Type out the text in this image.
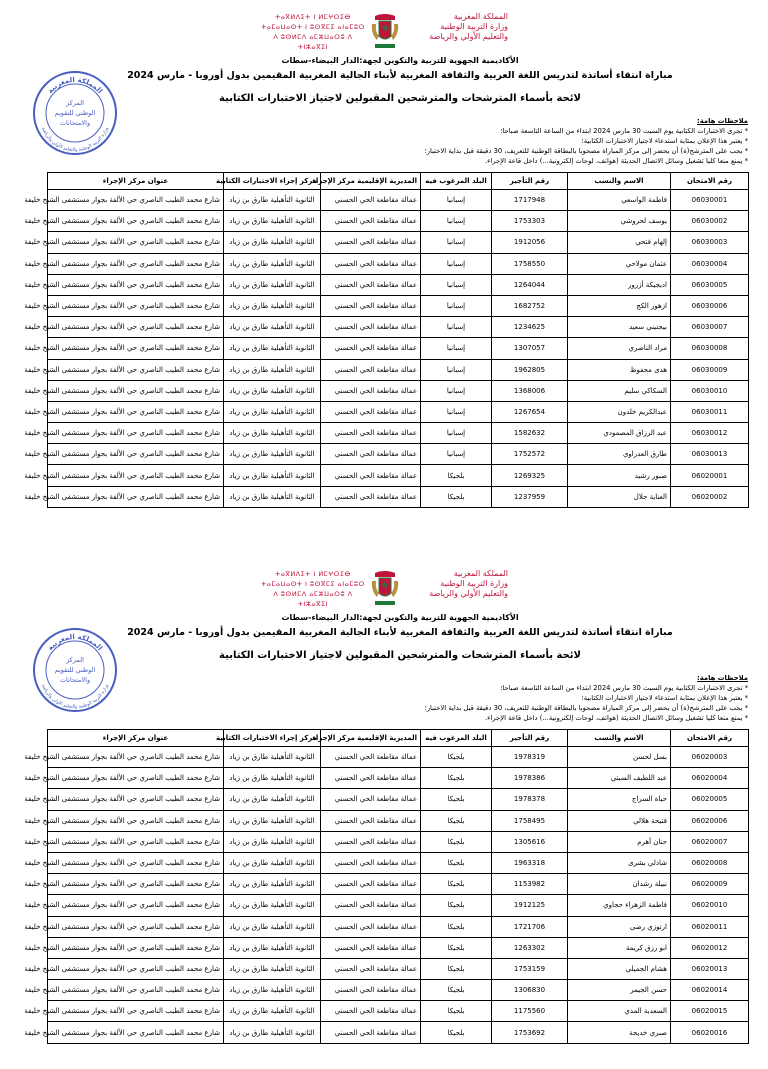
ⵜⴰⴳⵍⴷⵉⵜ ⵏ ⵍⵎⵖⵔⵉⴱ
ⵜⴰⵎⴰⵡⴰⵙⵜ ⵏ ⵓⵙⴳⵎⵉ ⴰⵏⴰⵎⵓⵔ
ⴷ ⵓⵙⵍⵎⴷ ⴰⵎⵣⵡⴰⵔⵓ ⴷ ⵜⵏⵣⴰⴳⵉⵏ
المملكة المغربية
وزارة التربية الوطنية
والتعليم الأولي والرياضة
المملكة المغربية
المركز
الوطني للتقويم
والامتحانات
وزارة التربية الوطنية والتعليم الأولي والرياضة
الأكاديمية الجهوية للتربية والتكوين لجهة:الدار البيضاء-سطات
مباراة انتقاء أساتذة لتدريس اللغة العربية والثقافة المغربية لأبناء الجالية المغربية المقيمين بدول أوروبا - مارس 2024
لائحة بأسماء المترشحات والمترشحين المقبولين لاجتياز الاختبارات الكتابية
ملاحظات هامة:
* تجرى الاختبارات الكتابية يوم السبت 30 مارس 2024 ابتداء من الساعة التاسعة صباحا؛
* يعتبر هذا الإعلان بمثابة استدعاء لاجتياز الاختبارات الكتابية؛
* يجب على المترشح(ة) أن يحضر إلى مركز المباراة مصحوبا بالبطاقة الوطنية للتعريف، 30 دقيقة قبل بداية الاختبار؛
* يمنع منعا كليا تشغيل وسائل الاتصال الحديثة (هواتف، لوحات إلكترونية...) داخل قاعة الإجراء.
رقم الامتحان	الاسم والنسب	رقم التأجير	البلد المرغوب فيه	المديرية الإقليمية مركز الإجراء	مركز إجراء الاختبارات الكتابية	عنوان مركز الإجراء
06030001	فاطمة الواسعي	1717948	إسبانيا	عمالة مقاطعة الحي الحسني	الثانوية التأهيلية طارق بن زياد	شارع محمد الطيب الناصري حي الألفة بجوار مستشفى الشيخ خليفة
06030002	يوسف لحروشي	1753303	إسبانيا	عمالة مقاطعة الحي الحسني	الثانوية التأهيلية طارق بن زياد	شارع محمد الطيب الناصري حي الألفة بجوار مستشفى الشيخ خليفة
06030003	إلهام فتحي	1912056	إسبانيا	عمالة مقاطعة الحي الحسني	الثانوية التأهيلية طارق بن زياد	شارع محمد الطيب الناصري حي الألفة بجوار مستشفى الشيخ خليفة
06030004	عثمان مولاحي	1758550	إسبانيا	عمالة مقاطعة الحي الحسني	الثانوية التأهيلية طارق بن زياد	شارع محمد الطيب الناصري حي الألفة بجوار مستشفى الشيخ خليفة
06030005	اديجيكة أزرور	1264044	إسبانيا	عمالة مقاطعة الحي الحسني	الثانوية التأهيلية طارق بن زياد	شارع محمد الطيب الناصري حي الألفة بجوار مستشفى الشيخ خليفة
06030006	ازهور الكج	1682752	إسبانيا	عمالة مقاطعة الحي الحسني	الثانوية التأهيلية طارق بن زياد	شارع محمد الطيب الناصري حي الألفة بجوار مستشفى الشيخ خليفة
06030007	بيجنيني سعيد	1234625	إسبانيا	عمالة مقاطعة الحي الحسني	الثانوية التأهيلية طارق بن زياد	شارع محمد الطيب الناصري حي الألفة بجوار مستشفى الشيخ خليفة
06030008	مراد الناصري	1307057	إسبانيا	عمالة مقاطعة الحي الحسني	الثانوية التأهيلية طارق بن زياد	شارع محمد الطيب الناصري حي الألفة بجوار مستشفى الشيخ خليفة
06030009	هدى محفوظ	1962805	إسبانيا	عمالة مقاطعة الحي الحسني	الثانوية التأهيلية طارق بن زياد	شارع محمد الطيب الناصري حي الألفة بجوار مستشفى الشيخ خليفة
06030010	السكاكي سليم	1368006	إسبانيا	عمالة مقاطعة الحي الحسني	الثانوية التأهيلية طارق بن زياد	شارع محمد الطيب الناصري حي الألفة بجوار مستشفى الشيخ خليفة
06030011	عبدالكريم خلدون	1267654	إسبانيا	عمالة مقاطعة الحي الحسني	الثانوية التأهيلية طارق بن زياد	شارع محمد الطيب الناصري حي الألفة بجوار مستشفى الشيخ خليفة
06030012	عبد الرزاق المصمودي	1582632	إسبانيا	عمالة مقاطعة الحي الحسني	الثانوية التأهيلية طارق بن زياد	شارع محمد الطيب الناصري حي الألفة بجوار مستشفى الشيخ خليفة
06030013	طارق العدراوي	1752572	إسبانيا	عمالة مقاطعة الحي الحسني	الثانوية التأهيلية طارق بن زياد	شارع محمد الطيب الناصري حي الألفة بجوار مستشفى الشيخ خليفة
06020001	صبور رشيد	1269325	بلجيكا	عمالة مقاطعة الحي الحسني	الثانوية التأهيلية طارق بن زياد	شارع محمد الطيب الناصري حي الألفة بجوار مستشفى الشيخ خليفة
06020002	العناية جلال	1237959	بلجيكا	عمالة مقاطعة الحي الحسني	الثانوية التأهيلية طارق بن زياد	شارع محمد الطيب الناصري حي الألفة بجوار مستشفى الشيخ خليفة
ⵜⴰⴳⵍⴷⵉⵜ ⵏ ⵍⵎⵖⵔⵉⴱ
ⵜⴰⵎⴰⵡⴰⵙⵜ ⵏ ⵓⵙⴳⵎⵉ ⴰⵏⴰⵎⵓⵔ
ⴷ ⵓⵙⵍⵎⴷ ⴰⵎⵣⵡⴰⵔⵓ ⴷ ⵜⵏⵣⴰⴳⵉⵏ
المملكة المغربية
وزارة التربية الوطنية
والتعليم الأولي والرياضة
المملكة المغربية
المركز
الوطني للتقويم
والامتحانات
وزارة التربية الوطنية والتعليم الأولي والرياضة
الأكاديمية الجهوية للتربية والتكوين لجهة:الدار البيضاء-سطات
مباراة انتقاء أساتذة لتدريس اللغة العربية والثقافة المغربية لأبناء الجالية المغربية المقيمين بدول أوروبا - مارس 2024
لائحة بأسماء المترشحات والمترشحين المقبولين لاجتياز الاختبارات الكتابية
ملاحظات هامة:
* تجرى الاختبارات الكتابية يوم السبت 30 مارس 2024 ابتداء من الساعة التاسعة صباحا؛
* يعتبر هذا الإعلان بمثابة استدعاء لاجتياز الاختبارات الكتابية؛
* يجب على المترشح(ة) أن يحضر إلى مركز المباراة مصحوبا بالبطاقة الوطنية للتعريف، 30 دقيقة قبل بداية الاختبار؛
* يمنع منعا كليا تشغيل وسائل الاتصال الحديثة (هواتف، لوحات إلكترونية...) داخل قاعة الإجراء.
رقم الامتحان	الاسم والنسب	رقم التأجير	البلد المرغوب فيه	المديرية الإقليمية مركز الإجراء	مركز إجراء الاختبارات الكتابية	عنوان مركز الإجراء
06020003	بسل لحسن	1978319	بلجيكا	عمالة مقاطعة الحي الحسني	الثانوية التأهيلية طارق بن زياد	شارع محمد الطيب الناصري حي الألفة بجوار مستشفى الشيخ خليفة
06020004	عبد اللطيف السبتي	1978386	بلجيكا	عمالة مقاطعة الحي الحسني	الثانوية التأهيلية طارق بن زياد	شارع محمد الطيب الناصري حي الألفة بجوار مستشفى الشيخ خليفة
06020005	حياة السراج	1978378	بلجيكا	عمالة مقاطعة الحي الحسني	الثانوية التأهيلية طارق بن زياد	شارع محمد الطيب الناصري حي الألفة بجوار مستشفى الشيخ خليفة
06020006	فتيحة هلالي	1758495	بلجيكا	عمالة مقاطعة الحي الحسني	الثانوية التأهيلية طارق بن زياد	شارع محمد الطيب الناصري حي الألفة بجوار مستشفى الشيخ خليفة
06020007	حنان أهرم	1305616	بلجيكا	عمالة مقاطعة الحي الحسني	الثانوية التأهيلية طارق بن زياد	شارع محمد الطيب الناصري حي الألفة بجوار مستشفى الشيخ خليفة
06020008	شادلي بشرى	1963318	بلجيكا	عمالة مقاطعة الحي الحسني	الثانوية التأهيلية طارق بن زياد	شارع محمد الطيب الناصري حي الألفة بجوار مستشفى الشيخ خليفة
06020009	نبيلة رشدان	1153982	بلجيكا	عمالة مقاطعة الحي الحسني	الثانوية التأهيلية طارق بن زياد	شارع محمد الطيب الناصري حي الألفة بجوار مستشفى الشيخ خليفة
06020010	فاطمة الزهراء حجاوي	1912125	بلجيكا	عمالة مقاطعة الحي الحسني	الثانوية التأهيلية طارق بن زياد	شارع محمد الطيب الناصري حي الألفة بجوار مستشفى الشيخ خليفة
06020011	ارتوزي رضى	1721706	بلجيكا	عمالة مقاطعة الحي الحسني	الثانوية التأهيلية طارق بن زياد	شارع محمد الطيب الناصري حي الألفة بجوار مستشفى الشيخ خليفة
06020012	ابو رزق كريمة	1263302	بلجيكا	عمالة مقاطعة الحي الحسني	الثانوية التأهيلية طارق بن زياد	شارع محمد الطيب الناصري حي الألفة بجوار مستشفى الشيخ خليفة
06020013	هشام الجميلي	1753159	بلجيكا	عمالة مقاطعة الحي الحسني	الثانوية التأهيلية طارق بن زياد	شارع محمد الطيب الناصري حي الألفة بجوار مستشفى الشيخ خليفة
06020014	حسن الجيمر	1306830	بلجيكا	عمالة مقاطعة الحي الحسني	الثانوية التأهيلية طارق بن زياد	شارع محمد الطيب الناصري حي الألفة بجوار مستشفى الشيخ خليفة
06020015	السعدية المدي	1175560	بلجيكا	عمالة مقاطعة الحي الحسني	الثانوية التأهيلية طارق بن زياد	شارع محمد الطيب الناصري حي الألفة بجوار مستشفى الشيخ خليفة
06020016	صبري خديجة	1753692	بلجيكا	عمالة مقاطعة الحي الحسني	الثانوية التأهيلية طارق بن زياد	شارع محمد الطيب الناصري حي الألفة بجوار مستشفى الشيخ خليفة
